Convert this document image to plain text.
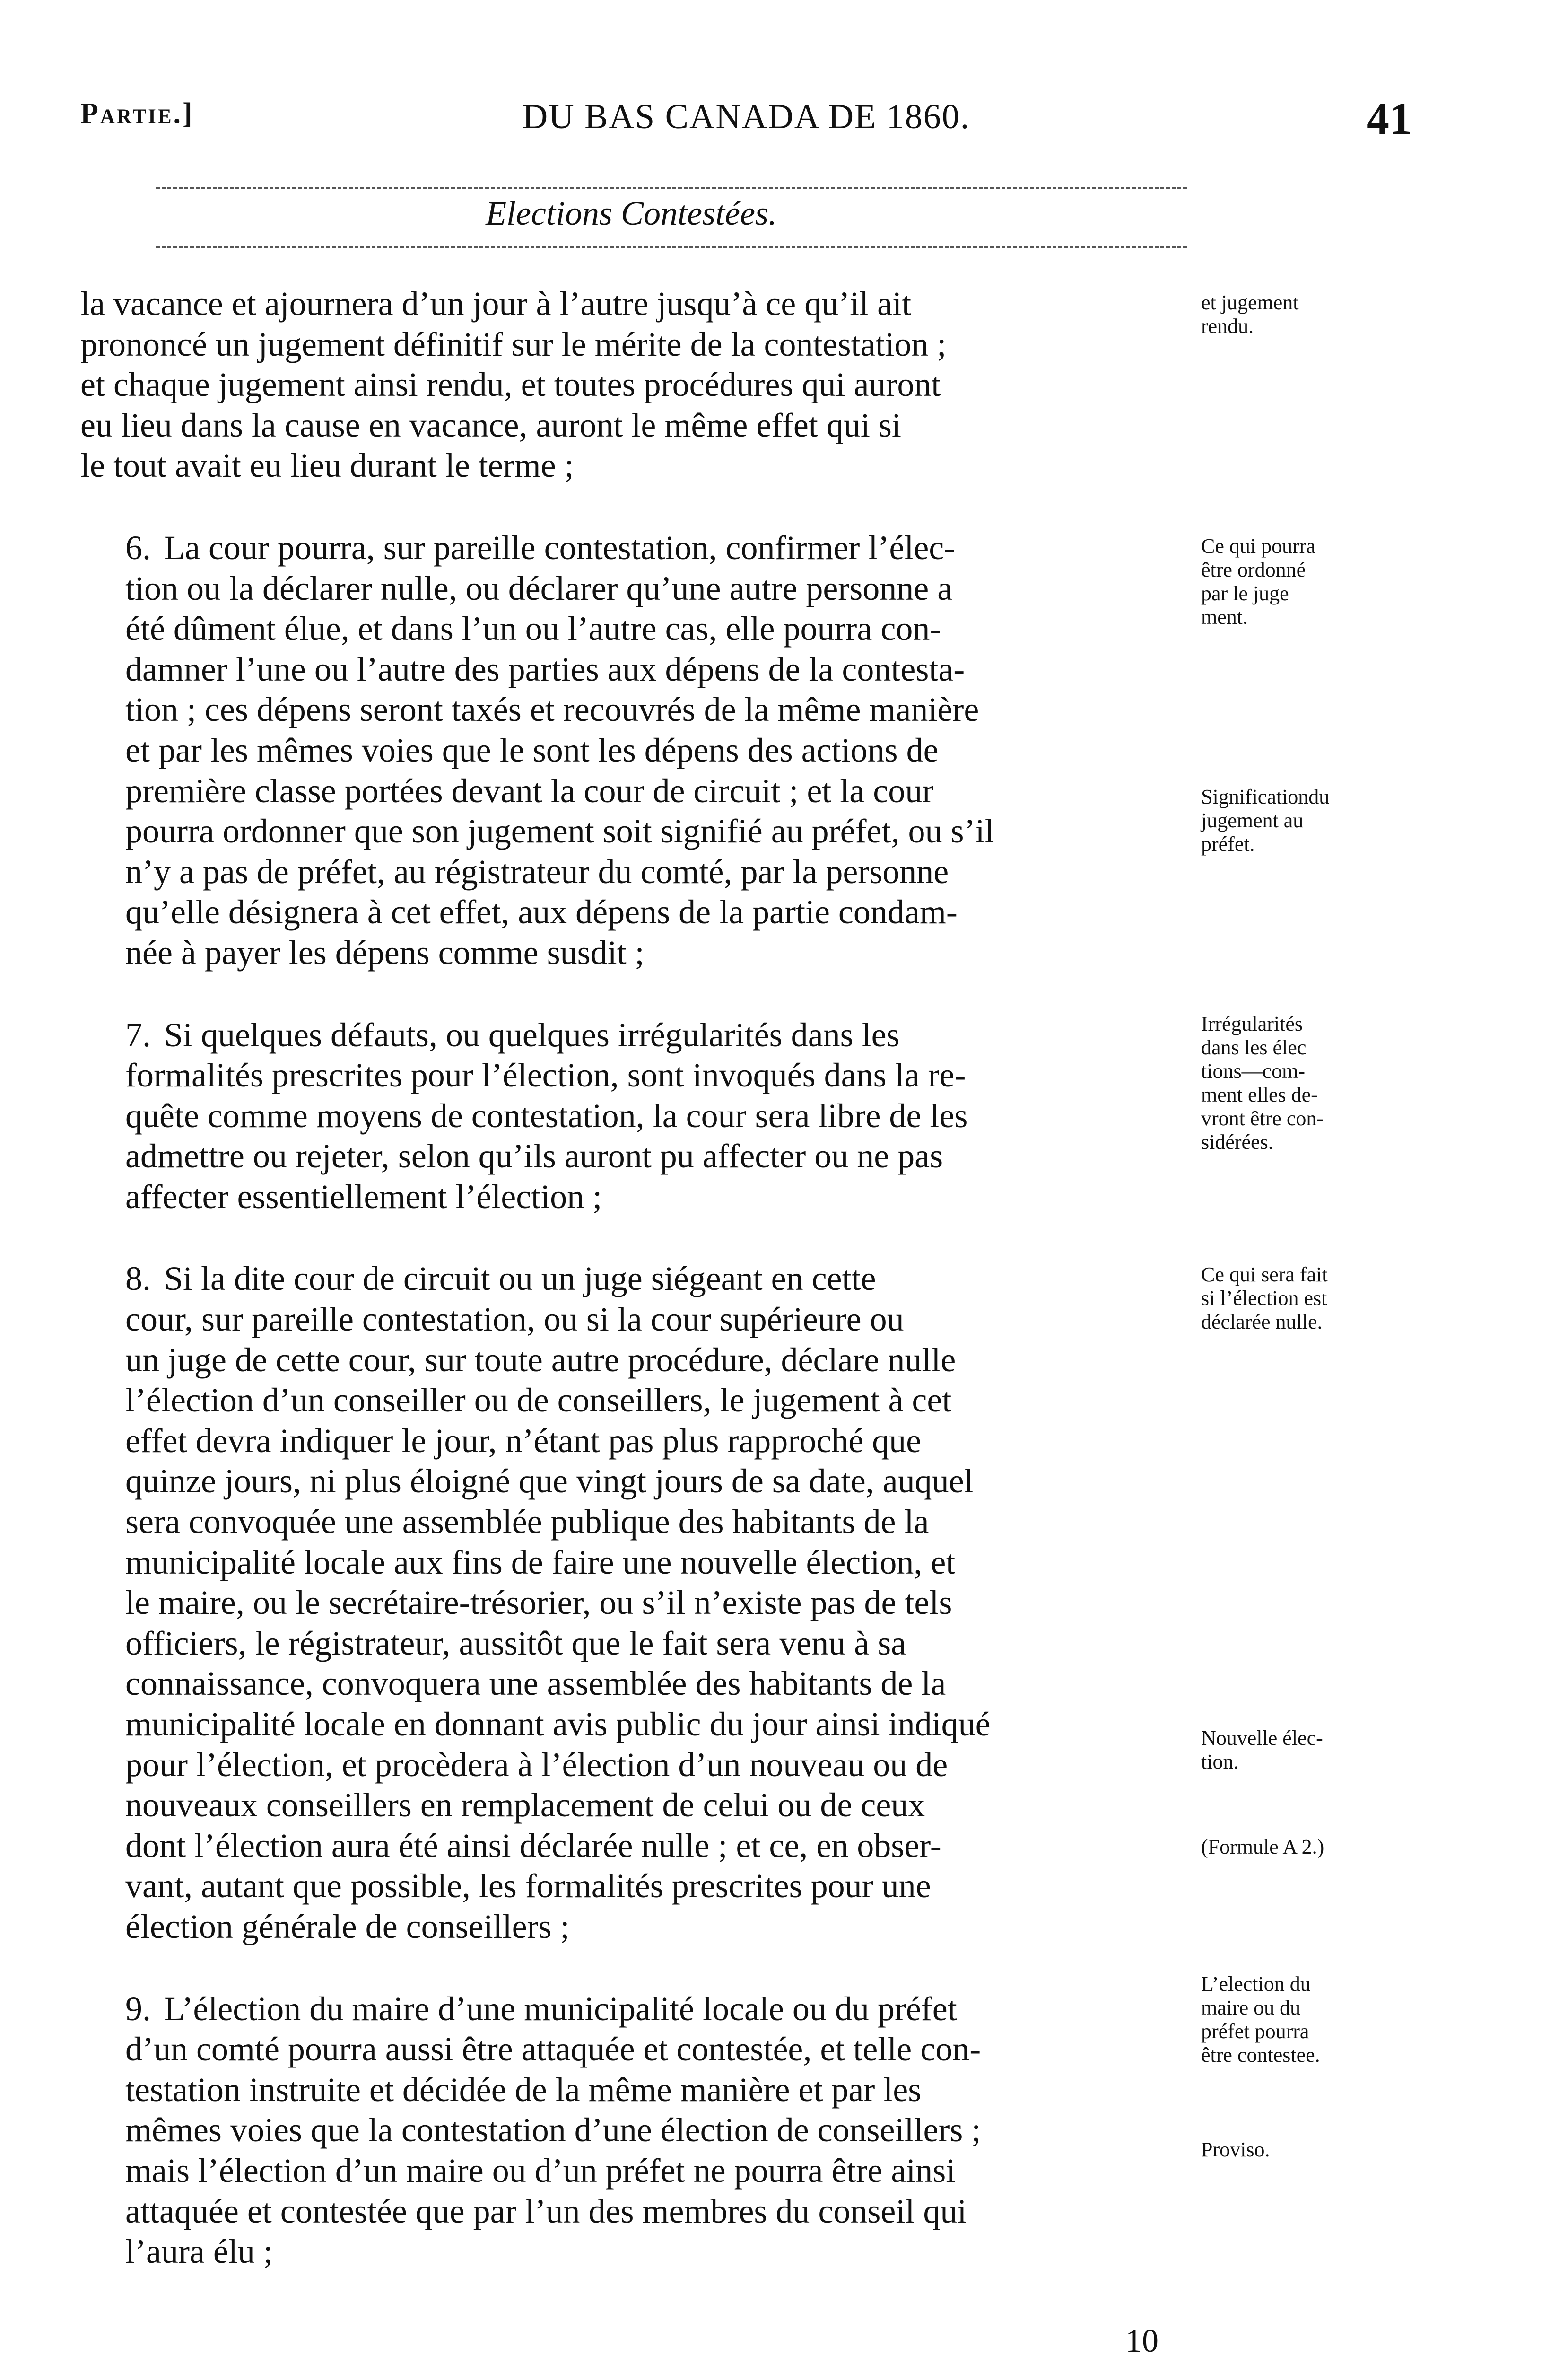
Partie.]	DU BAS CANADA DE 1860.	41
Elections Contestées.

la vacance et ajournera d’un jour à l’autre jusqu’à ce qu’il ait
prononcé un jugement définitif sur le mérite de la contestation ;
et chaque jugement ainsi rendu, et toutes procédures qui auront
eu lieu dans la cause en vacance, auront le même effet qui si
le tout avait eu lieu durant le terme ;

6. La cour pourra, sur pareille contestation, confirmer l’élec-
tion ou la déclarer nulle, ou déclarer qu’une autre personne a
été dûment élue, et dans l’un ou l’autre cas, elle pourra con-
damner l’une ou l’autre des parties aux dépens de la contesta-
tion ; ces dépens seront taxés et recouvrés de la même manière
et par les mêmes voies que le sont les dépens des actions de
première classe portées devant la cour de circuit ; et la cour
pourra ordonner que son jugement soit signifié au préfet, ou s’il
n’y a pas de préfet, au régistrateur du comté, par la personne
qu’elle désignera à cet effet, aux dépens de la partie condam-
née à payer les dépens comme susdit ;

7. Si quelques défauts, ou quelques irrégularités dans les
formalités prescrites pour l’élection, sont invoqués dans la re-
quête comme moyens de contestation, la cour sera libre de les
admettre ou rejeter, selon qu’ils auront pu affecter ou ne pas
affecter essentiellement l’élection ;

8. Si la dite cour de circuit ou un juge siégeant en cette
cour, sur pareille contestation, ou si la cour supérieure ou
un juge de cette cour, sur toute autre procédure, déclare nulle
l’élection d’un conseiller ou de conseillers, le jugement à cet
effet devra indiquer le jour, n’étant pas plus rapproché que
quinze jours, ni plus éloigné que vingt jours de sa date, auquel
sera convoquée une assemblée publique des habitants de la
municipalité locale aux fins de faire une nouvelle élection, et
le maire, ou le secrétaire-trésorier, ou s’il n’existe pas de tels
officiers, le régistrateur, aussitôt que le fait sera venu à sa
connaissance, convoquera une assemblée des habitants de la
municipalité locale en donnant avis public du jour ainsi indiqué
pour l’élection, et procèdera à l’élection d’un nouveau ou de
nouveaux conseillers en remplacement de celui ou de ceux
dont l’élection aura été ainsi déclarée nulle ; et ce, en obser-
vant, autant que possible, les formalités prescrites pour une
élection générale de conseillers ;

9. L’élection du maire d’une municipalité locale ou du préfet
d’un comté pourra aussi être attaquée et contestée, et telle con-
testation instruite et décidée de la même manière et par les
mêmes voies que la contestation d’une élection de conseillers ;
mais l’élection d’un maire ou d’un préfet ne pourra être ainsi
attaquée et contestée que par l’un des membres du conseil qui
l’aura élu ;

et jugement
rendu.
Ce qui pourra
être ordonné
par le juge
ment.
Significationdu
jugement au
préfet.
Irrégularités
dans les élec
tions—com-
ment elles de-
vront être con-
sidérées.
Ce qui sera fait
si l’élection est
déclarée nulle.
Nouvelle élec-
tion.
(Formule A 2.)
L’election du
maire ou du
préfet pourra
être contestee.
Proviso.
10
